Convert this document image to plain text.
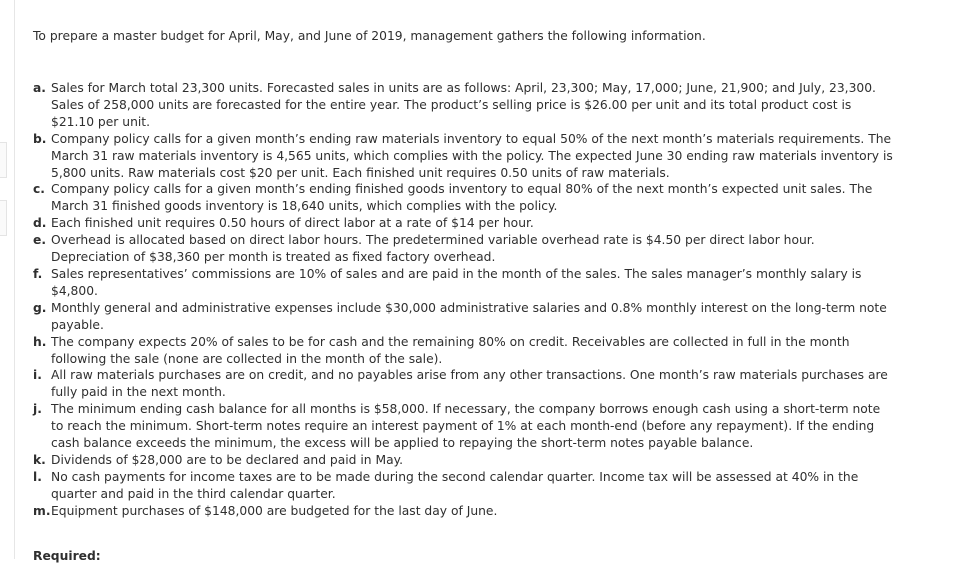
To prepare a master budget for April, May, and June of 2019, management gathers the following information.
a. Sales for March total 23,300 units. Forecasted sales in units are as follows: April, 23,300; May, 17,000; June, 21,900; and July, 23,300. Sales of 258,000 units are forecasted for the entire year. The product’s selling price is $26.00 per unit and its total product cost is $21.10 per unit.
b. Company policy calls for a given month’s ending raw materials inventory to equal 50% of the next month’s materials requirements. The March 31 raw materials inventory is 4,565 units, which complies with the policy. The expected June 30 ending raw materials inventory is 5,800 units. Raw materials cost $20 per unit. Each finished unit requires 0.50 units of raw materials.
c. Company policy calls for a given month’s ending finished goods inventory to equal 80% of the next month’s expected unit sales. The March 31 finished goods inventory is 18,640 units, which complies with the policy.
d. Each finished unit requires 0.50 hours of direct labor at a rate of $14 per hour.
e. Overhead is allocated based on direct labor hours. The predetermined variable overhead rate is $4.50 per direct labor hour. Depreciation of $38,360 per month is treated as fixed factory overhead.
f. Sales representatives’ commissions are 10% of sales and are paid in the month of the sales. The sales manager’s monthly salary is $4,800.
g. Monthly general and administrative expenses include $30,000 administrative salaries and 0.8% monthly interest on the long-term note payable.
h. The company expects 20% of sales to be for cash and the remaining 80% on credit. Receivables are collected in full in the month following the sale (none are collected in the month of the sale).
i. All raw materials purchases are on credit, and no payables arise from any other transactions. One month’s raw materials purchases are fully paid in the next month.
j. The minimum ending cash balance for all months is $58,000. If necessary, the company borrows enough cash using a short-term note to reach the minimum. Short-term notes require an interest payment of 1% at each month-end (before any repayment). If the ending cash balance exceeds the minimum, the excess will be applied to repaying the short-term notes payable balance.
k. Dividends of $28,000 are to be declared and paid in May.
l. No cash payments for income taxes are to be made during the second calendar quarter. Income tax will be assessed at 40% in the quarter and paid in the third calendar quarter.
m. Equipment purchases of $148,000 are budgeted for the last day of June.
Required:
